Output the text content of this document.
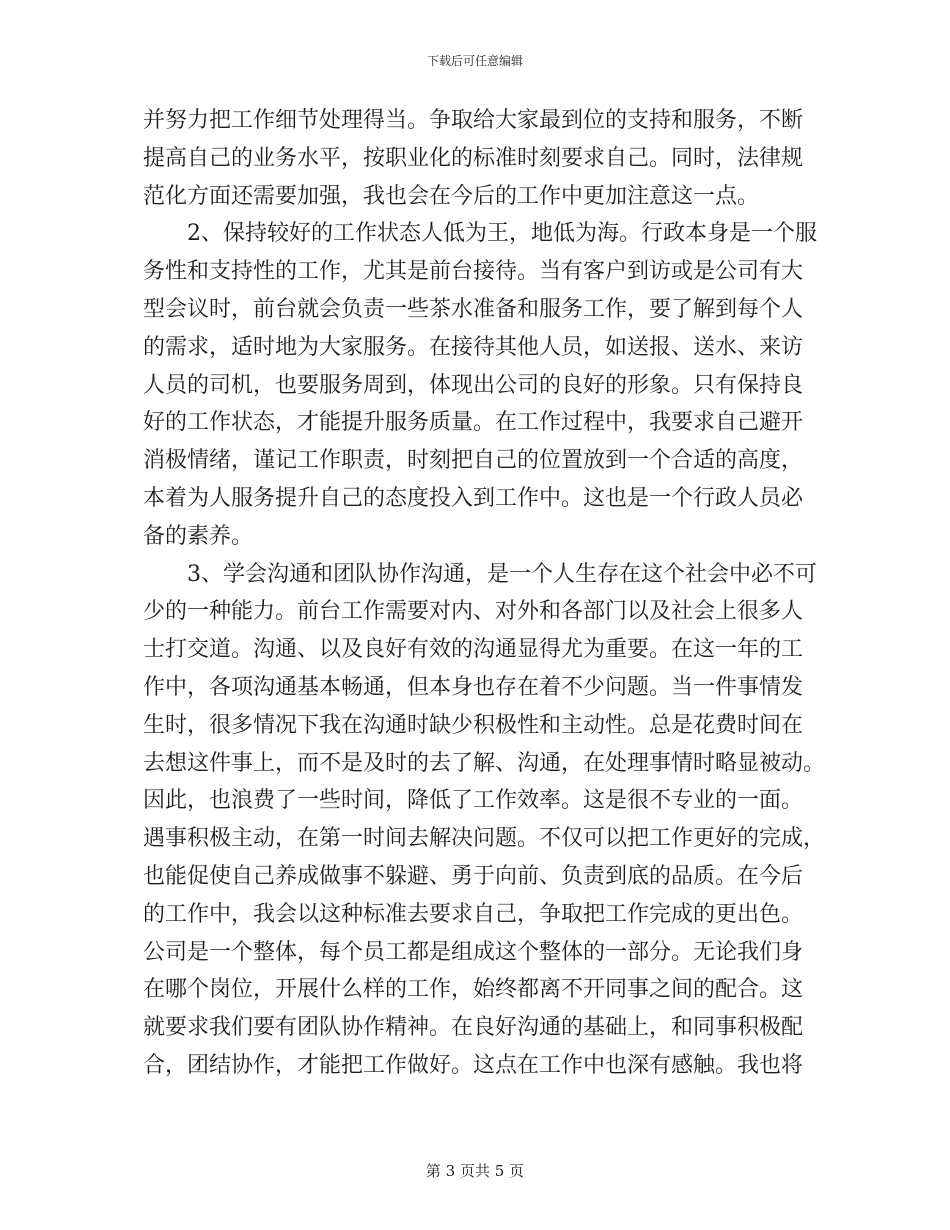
下载后可任意编辑
并努力把工作细节处理得当。争取给大家最到位的支持和服务，不断
提高自己的业务水平，按职业化的标准时刻要求自己。同时，法律规
范化方面还需要加强，我也会在今后的工作中更加注意这一点。
　　2、保持较好的工作状态人低为王，地低为海。行政本身是一个服
务性和支持性的工作，尤其是前台接待。当有客户到访或是公司有大
型会议时，前台就会负责一些茶水准备和服务工作，要了解到每个人
的需求，适时地为大家服务。在接待其他人员，如送报、送水、来访
人员的司机，也要服务周到，体现出公司的良好的形象。只有保持良
好的工作状态，才能提升服务质量。在工作过程中，我要求自己避开
消极情绪，谨记工作职责，时刻把自己的位置放到一个合适的高度，
本着为人服务提升自己的态度投入到工作中。这也是一个行政人员必
备的素养。
　　3、学会沟通和团队协作沟通，是一个人生存在这个社会中必不可
少的一种能力。前台工作需要对内、对外和各部门以及社会上很多人
士打交道。沟通、以及良好有效的沟通显得尤为重要。在这一年的工
作中，各项沟通基本畅通，但本身也存在着不少问题。当一件事情发
生时，很多情况下我在沟通时缺少积极性和主动性。总是花费时间在
去想这件事上，而不是及时的去了解、沟通，在处理事情时略显被动。
因此，也浪费了一些时间，降低了工作效率。这是很不专业的一面。
遇事积极主动，在第一时间去解决问题。不仅可以把工作更好的完成，
也能促使自己养成做事不躲避、勇于向前、负责到底的品质。在今后
的工作中，我会以这种标准去要求自己，争取把工作完成的更出色。
公司是一个整体，每个员工都是组成这个整体的一部分。无论我们身
在哪个岗位，开展什么样的工作，始终都离不开同事之间的配合。这
就要求我们要有团队协作精神。在良好沟通的基础上，和同事积极配
合，团结协作，才能把工作做好。这点在工作中也深有感触。我也将
第 3 页共 5 页
